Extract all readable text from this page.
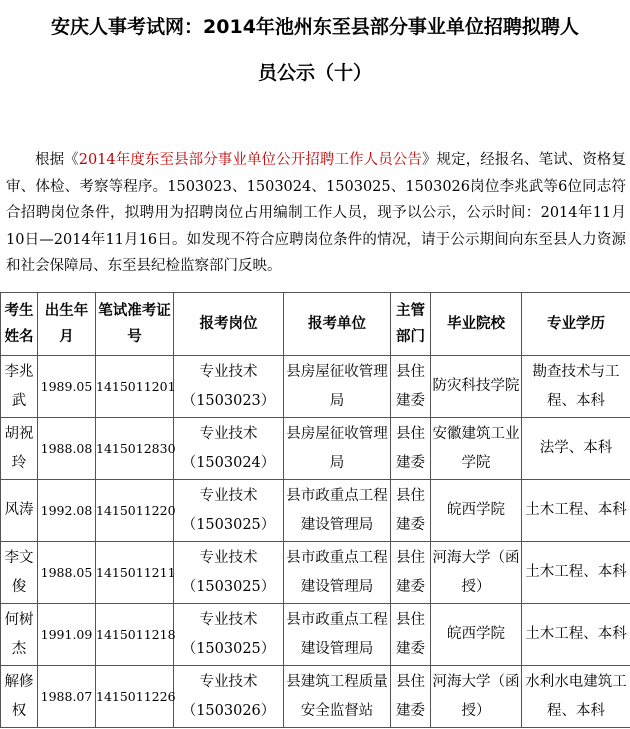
安庆人事考试网：2014年池州东至县部分事业单位招聘拟聘人
员公示（十）
根据《2014年度东至县部分事业单位公开招聘工作人员公告》规定，经报名、笔试、资格复审、体检、考察等程序。1503023、1503024、1503025、1503026岗位李兆武等6位同志符合招聘岗位条件，拟聘用为招聘岗位占用编制工作人员，现予以公示，公示时间：2014年11月10日—2014年11月16日。如发现不符合应聘岗位条件的情况，请于公示期间向东至县人力资源和社会保障局、东至县纪检监察部门反映。
考生姓名	出生年月	笔试准考证号	报考岗位	报考单位	主管部门	毕业院校	专业学历
李兆武	1989.05	1415011201	专业技术（1503023）	县房屋征收管理局	县住建委	防灾科技学院	勘查技术与工程、本科
胡祝玲	1988.08	1415012830	专业技术（1503024）	县房屋征收管理局	县住建委	安徽建筑工业学院	法学、本科
风涛	1992.08	1415011220	专业技术（1503025）	县市政重点工程建设管理局	县住建委	皖西学院	土木工程、本科
李文俊	1988.05	1415011211	专业技术（1503025）	县市政重点工程建设管理局	县住建委	河海大学（函授）	土木工程、本科
何树杰	1991.09	1415011218	专业技术（1503025）	县市政重点工程建设管理局	县住建委	皖西学院	土木工程、本科
解修权	1988.07	1415011226	专业技术（1503026）	县建筑工程质量安全监督站	县住建委	河海大学（函授）	水利水电建筑工程、本科
